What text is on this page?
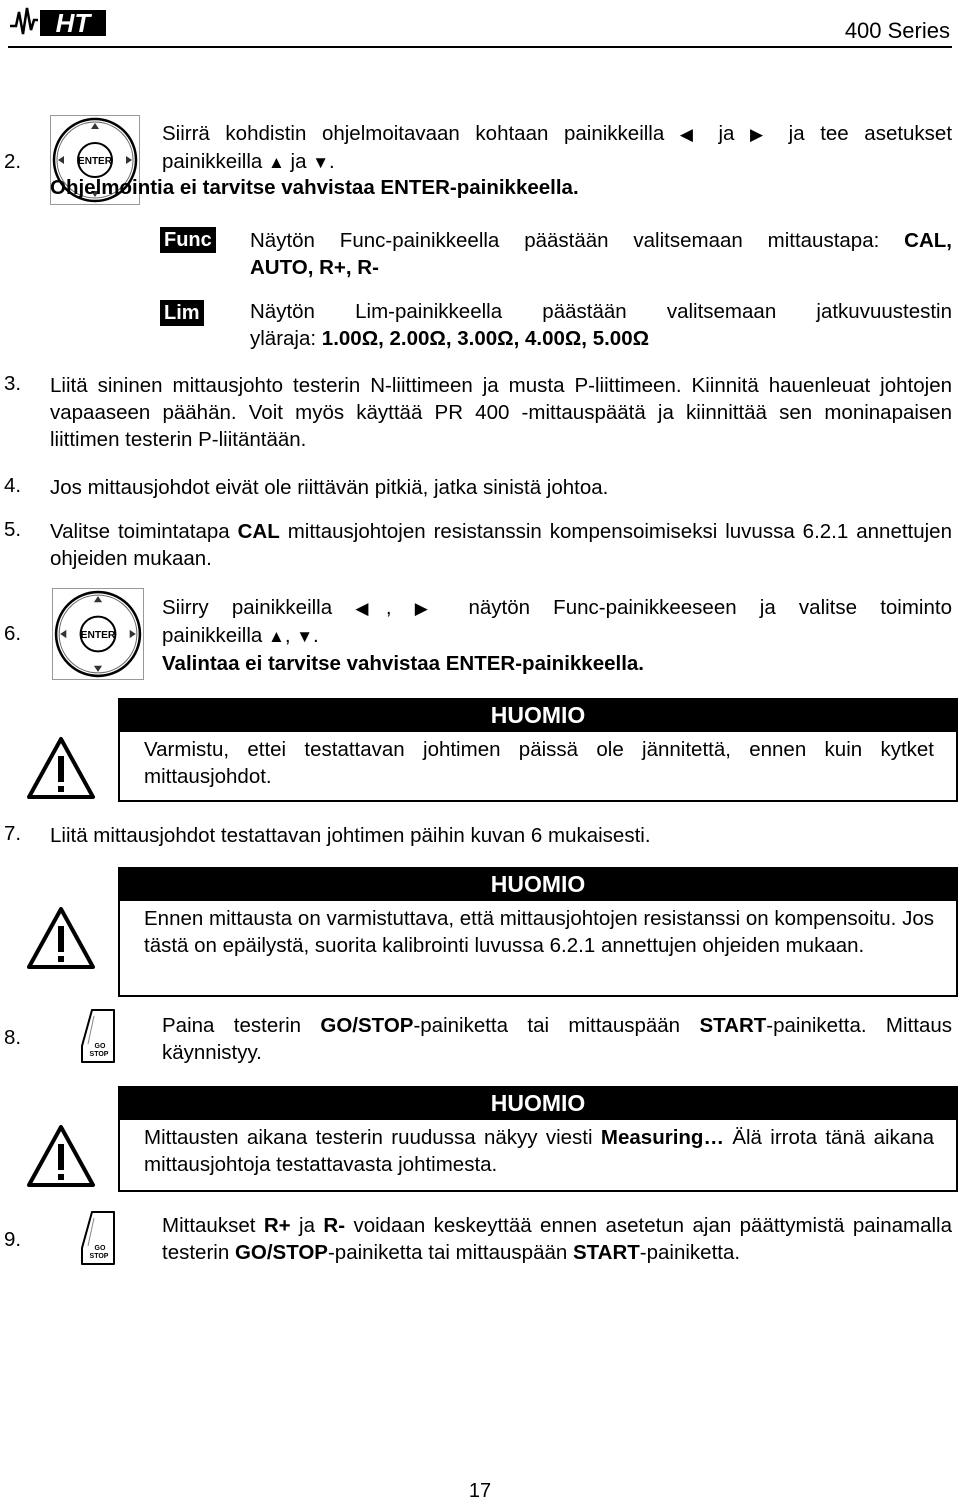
HT	400 Series
2.	ENTER
Siirrä kohdistin ohjelmoitavaan kohtaan painikkeilla ◀ ja ▶ ja tee asetukset
painikkeilla ▲ ja ▼.
Ohjelmointia ei tarvitse vahvistaa ENTER-painikkeella.
Func Näytön Func-painikkeella päästään valitsemaan mittaustapa: CAL,
AUTO, R+, R-
Lim Näytön Lim-painikkeella päästään valitsemaan jatkuvuustestin
yläraja: 1.00Ω, 2.00Ω, 3.00Ω, 4.00Ω, 5.00Ω
3. Liitä sininen mittausjohto testerin N-liittimeen ja musta P-liittimeen. Kiinnitä hauenleuat johtojen vapaaseen päähän. Voit myös käyttää PR 400 -mittauspäätä ja kiinnittää sen moninapaisen liittimen testerin P-liitäntään.
4. Jos mittausjohdot eivät ole riittävän pitkiä, jatka sinistä johtoa.
5. Valitse toimintatapa CAL mittausjohtojen resistanssin kompensoimiseksi luvussa 6.2.1 annettujen ohjeiden mukaan.
6.	ENTER
Siirry painikkeilla ◀, ▶ näytön Func-painikkeeseen ja valitse toiminto
painikkeilla ▲, ▼.
Valintaa ei tarvitse vahvistaa ENTER-painikkeella.
HUOMIO
Varmistu, ettei testattavan johtimen päissä ole jännitettä, ennen kuin kytket mittausjohdot.
7. Liitä mittausjohdot testattavan johtimen päihin kuvan 6 mukaisesti.
HUOMIO
Ennen mittausta on varmistuttava, että mittausjohtojen resistanssi on kompensoitu. Jos tästä on epäilystä, suorita kalibrointi luvussa 6.2.1 annettujen ohjeiden mukaan.
8.	GO
STOP
Paina testerin GO/STOP-painiketta tai mittauspään START-painiketta. Mittaus käynnistyy.
HUOMIO
Mittausten aikana testerin ruudussa näkyy viesti Measuring… Älä irrota tänä aikana mittausjohtoja testattavasta johtimesta.
9.	GO
STOP
Mittaukset R+ ja R- voidaan keskeyttää ennen asetetun ajan päättymistä painamalla testerin GO/STOP-painiketta tai mittauspään START-painiketta.
17
